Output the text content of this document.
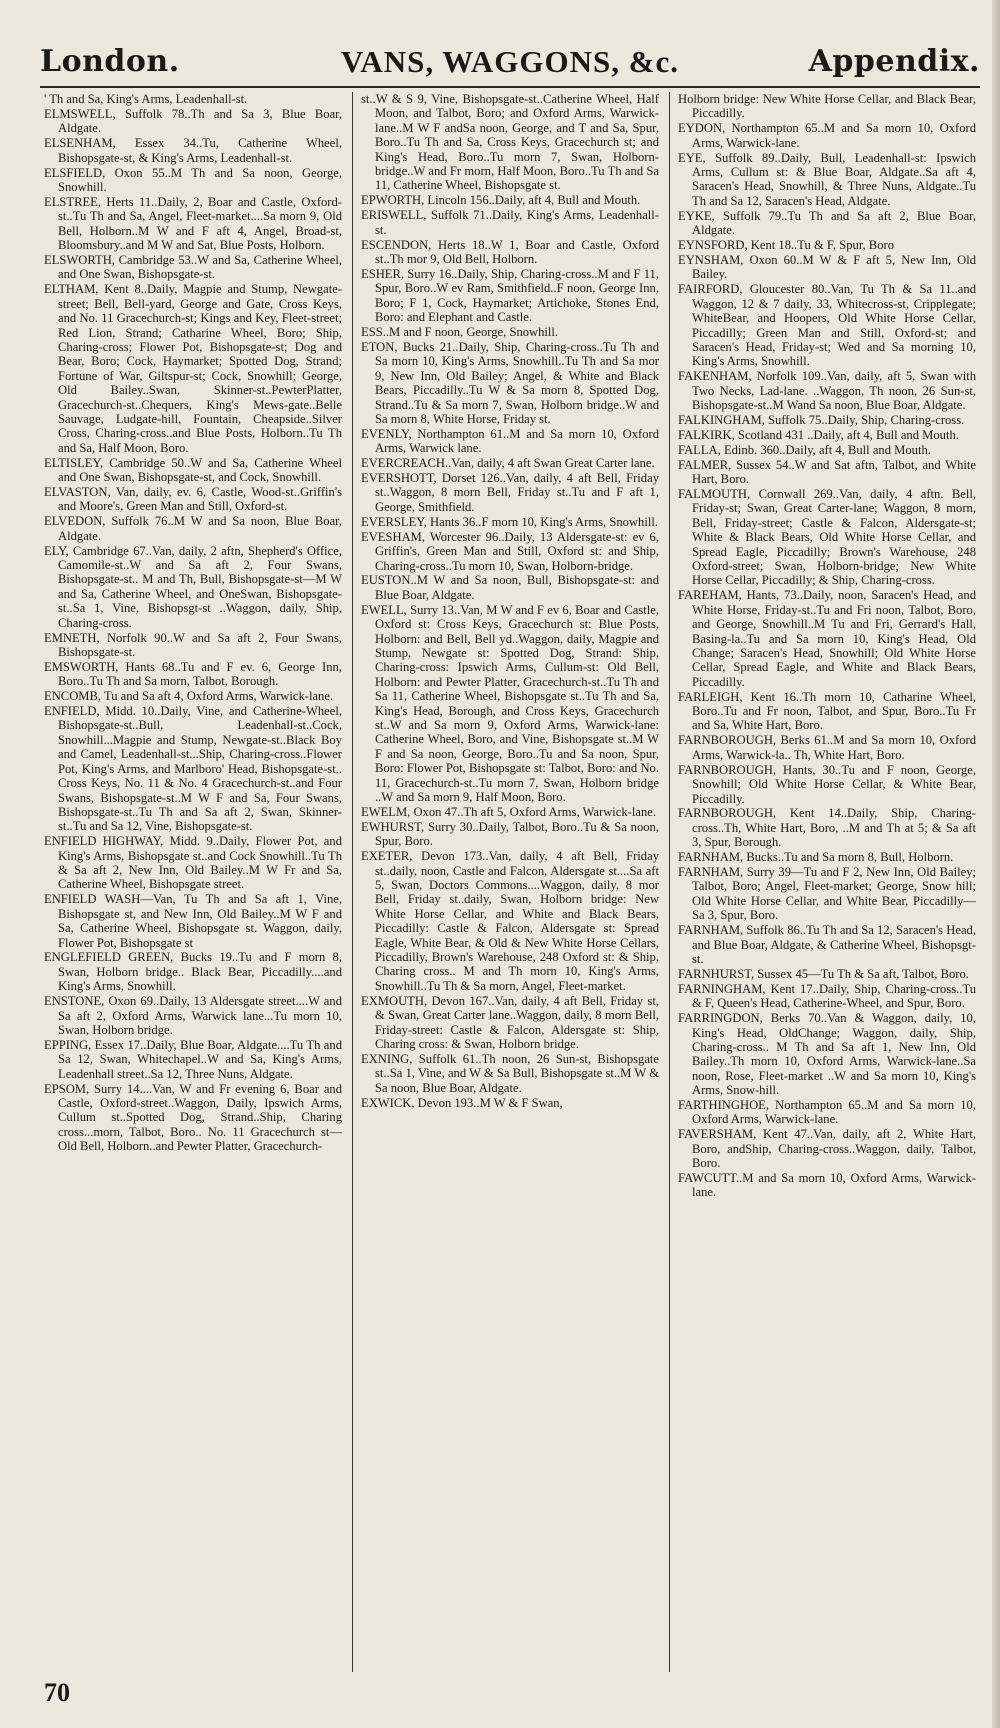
London.	VANS, WAGGONS, &c.	Appendix.

' Th and Sa, King's Arms, Leadenhall-st.

ELMSWELL, Suffolk 78..Th and Sa 3, Blue Boar, Aldgate.

ELSENHAM, Essex 34..Tu, Catherine Wheel, Bishopsgate-st, & King's Arms, Leadenhall-st.

ELSFIELD, Oxon 55..M Th and Sa noon, George, Snowhill.

ELSTREE, Herts 11..Daily, 2, Boar and Castle, Oxford-st..Tu Th and Sa, Angel, Fleet-market....Sa morn 9, Old Bell, Holborn..M W and F aft 4, Angel, Broad-st, Bloomsbury..and M W and Sat, Blue Posts, Holborn.

ELSWORTH, Cambridge 53..W and Sa, Catherine Wheel, and One Swan, Bishopsgate-st.

ELTHAM, Kent 8..Daily, Magpie and Stump, Newgate-street; Bell, Bell-yard, George and Gate, Cross Keys, and No. 11 Gracechurch-st; Kings and Key, Fleet-street; Red Lion, Strand; Catharine Wheel, Boro; Ship, Charing-cross; Flower Pot, Bishopsgate-st; Dog and Bear, Boro; Cock, Haymarket; Spotted Dog, Strand; Fortune of War, Giltspur-st; Cock, Snowhill; George, Old Bailey..Swan, Skinner-st..PewterPlatter, Gracechurch-st..Chequers, King's Mews-gate..Belle Sauvage, Ludgate-hill, Fountain, Cheapside..Silver Cross, Charing-cross..and Blue Posts, Holborn..Tu Th and Sa, Half Moon, Boro.

ELTISLEY, Cambridge 50..W and Sa, Catherine Wheel and One Swan, Bishopsgate-st, and Cock, Snowhill.

ELVASTON, Van, daily, ev. 6, Castle, Wood-st..Griffin's and Moore's, Green Man and Still, Oxford-st.

ELVEDON, Suffolk 76..M W and Sa noon, Blue Boar, Aldgate.

ELY, Cambridge 67..Van, daily, 2 aftn, Shepherd's Office, Camomile-st..W and Sa aft 2, Four Swans, Bishopsgate-st.. M and Th, Bull, Bishopsgate-st—M W and Sa, Catherine Wheel, and OneSwan, Bishopsgate-st..Sa 1, Vine, Bishopsgt-st ..Waggon, daily, Ship, Charing-cross.

EMNETH, Norfolk 90..W and Sa aft 2, Four Swans, Bishopsgate-st.

EMSWORTH, Hants 68..Tu and F ev. 6, George Inn, Boro..Tu Th and Sa morn, Talbot, Borough.

ENCOMB, Tu and Sa aft 4, Oxford Arms, Warwick-lane.

ENFIELD, Midd. 10..Daily, Vine, and Catherine-Wheel, Bishopsgate-st..Bull, Leadenhall-st..Cock, Snowhill...Magpie and Stump, Newgate-st..Black Boy and Camel, Leadenhall-st...Ship, Charing-cross..Flower Pot, King's Arms, and Marlboro' Head, Bishopsgate-st.. Cross Keys, No. 11 & No. 4 Gracechurch-st..and Four Swans, Bishopsgate-st..M W F and Sa, Four Swans, Bishopsgate-st..Tu Th and Sa aft 2, Swan, Skinner-st..Tu and Sa 12, Vine, Bishopsgate-st.

ENFIELD HIGHWAY, Midd. 9..Daily, Flower Pot, and King's Arms, Bishopsgate st..and Cock Snowhill..Tu Th & Sa aft 2, New Inn, Old Bailey..M W Fr and Sa, Catherine Wheel, Bishopsgate street.

ENFIELD WASH—Van, Tu Th and Sa aft 1, Vine, Bishopsgate st, and New Inn, Old Bailey..M W F and Sa, Catherine Wheel, Bishopsgate st. Waggon, daily, Flower Pot, Bishopsgate st

ENGLEFIELD GREEN, Bucks 19..Tu and F morn 8, Swan, Holborn bridge.. Black Bear, Piccadilly....and King's Arms, Snowhill.

ENSTONE, Oxon 69..Daily, 13 Aldersgate street....W and Sa aft 2, Oxford Arms, Warwick lane...Tu morn 10, Swan, Holborn bridge.

EPPING, Essex 17..Daily, Blue Boar, Aldgate....Tu Th and Sa 12, Swan, Whitechapel..W and Sa, King's Arms, Leadenhall street..Sa 12, Three Nuns, Aldgate.

EPSOM, Surry 14....Van, W and Fr evening 6, Boar and Castle, Oxford-street..Waggon, Daily, Ipswich Arms, Cullum st..Spotted Dog, Strand..Ship, Charing cross...morn, Talbot, Boro.. No. 11 Gracechurch st—Old Bell, Holborn..and Pewter Platter, Gracechurch-

st..W & S 9, Vine, Bishopsgate-st..Catherine Wheel, Half Moon, and Talbot, Boro; and Oxford Arms, Warwick-lane..M W F andSa noon, George, and T and Sa, Spur, Boro..Tu Th and Sa, Cross Keys, Gracechurch st; and King's Head, Boro..Tu morn 7, Swan, Holborn-bridge..W and Fr morn, Half Moon, Boro..Tu Th and Sa 11, Catherine Wheel, Bishopsgate st.

EPWORTH, Lincoln 156..Daily, aft 4, Bull and Mouth.

ERISWELL, Suffolk 71..Daily, King's Arms, Leadenhall-st.

ESCENDON, Herts 18..W 1, Boar and Castle, Oxford st..Th mor 9, Old Bell, Holborn.

ESHER, Surry 16..Daily, Ship, Charing-cross..M and F 11, Spur, Boro..W ev Ram, Smithfield..F noon, George Inn, Boro; F 1, Cock, Haymarket; Artichoke, Stones End, Boro: and Elephant and Castle.

ESS..M and F noon, George, Snowhill.

ETON, Bucks 21..Daily, Ship, Charing-cross..Tu Th and Sa morn 10, King's Arms, Snowhill..Tu Th and Sa mor 9, New Inn, Old Bailey; Angel, & White and Black Bears, Piccadilly..Tu W & Sa morn 8, Spotted Dog, Strand..Tu & Sa morn 7, Swan, Holborn bridge..W and Sa morn 8, White Horse, Friday st.

EVENLY, Northampton 61..M and Sa morn 10, Oxford Arms, Warwick lane.

EVERCREACH..Van, daily, 4 aft Swan Great Carter lane.

EVERSHOTT, Dorset 126..Van, daily, 4 aft Bell, Friday st..Waggon, 8 morn Bell, Friday st..Tu and F aft 1, George, Smithfield.

EVERSLEY, Hants 36..F morn 10, King's Arms, Snowhill.

EVESHAM, Worcester 96..Daily, 13 Aldersgate-st: ev 6, Griffin's, Green Man and Still, Oxford st: and Ship, Charing-cross..Tu morn 10, Swan, Holborn-bridge.

EUSTON..M W and Sa noon, Bull, Bishopsgate-st: and Blue Boar, Aldgate.

EWELL, Surry 13..Van, M W and F ev 6, Boar and Castle, Oxford st: Cross Keys, Gracechurch st: Blue Posts, Holborn: and Bell, Bell yd..Waggon, daily, Magpie and Stump, Newgate st: Spotted Dog, Strand: Ship, Charing-cross: Ipswich Arms, Cullum-st: Old Bell, Holborn: and Pewter Platter, Gracechurch-st..Tu Th and Sa 11, Catherine Wheel, Bishopsgate st..Tu Th and Sa, King's Head, Borough, and Cross Keys, Gracechurch st..W and Sa morn 9, Oxford Arms, Warwick-lane: Catherine Wheel, Boro, and Vine, Bishopsgate st..M W F and Sa noon, George, Boro..Tu and Sa noon, Spur, Boro: Flower Pot, Bishopsgate st: Talbot, Boro: and No. 11, Gracechurch-st..Tu morn 7, Swan, Holborn bridge ..W and Sa morn 9, Half Moon, Boro.

EWELM, Oxon 47..Th aft 5, Oxford Arms, Warwick-lane.

EWHURST, Surry 30..Daily, Talbot, Boro..Tu & Sa noon, Spur, Boro.

EXETER, Devon 173..Van, daily, 4 aft Bell, Friday st..daily, noon, Castle and Falcon, Aldersgate st....Sa aft 5, Swan, Doctors Commons....Waggon, daily, 8 mor Bell, Friday st..daily, Swan, Holborn bridge: New White Horse Cellar, and White and Black Bears, Piccadilly: Castle & Falcon, Aldersgate st: Spread Eagle, White Bear, & Old & New White Horse Cellars, Piccadilly, Brown's Warehouse, 248 Oxford st: & Ship, Charing cross.. M and Th morn 10, King's Arms, Snowhill..Tu Th & Sa morn, Angel, Fleet-market.

EXMOUTH, Devon 167..Van, daily, 4 aft Bell, Friday st, & Swan, Great Carter lane..Waggon, daily, 8 morn Bell, Friday-street: Castle & Falcon, Aldersgate st: Ship, Charing cross: & Swan, Holborn bridge.

EXNING, Suffolk 61..Th noon, 26 Sun-st, Bishopsgate st..Sa 1, Vine, and W & Sa Bull, Bishopsgate st..M W & Sa noon, Blue Boar, Aldgate.

EXWICK, Devon 193..M W & F Swan,

Holborn bridge: New White Horse Cellar, and Black Bear, Piccadilly.

EYDON, Northampton 65..M and Sa morn 10, Oxford Arms, Warwick-lane.

EYE, Suffolk 89..Daily, Bull, Leadenhall-st: Ipswich Arms, Cullum st: & Blue Boar, Aldgate..Sa aft 4, Saracen's Head, Snowhill, & Three Nuns, Aldgate..Tu Th and Sa 12, Saracen's Head, Aldgate.

EYKE, Suffolk 79..Tu Th and Sa aft 2, Blue Boar, Aldgate.

EYNSFORD, Kent 18..Tu & F, Spur, Boro

EYNSHAM, Oxon 60..M W & F aft 5, New Inn, Old Bailey.

FAIRFORD, Gloucester 80..Van, Tu Th & Sa 11..and Waggon, 12 & 7 daily, 33, Whitecross-st, Cripplegate; WhiteBear, and Hoopers, Old White Horse Cellar, Piccadilly; Green Man and Still, Oxford-st; and Saracen's Head, Friday-st; Wed and Sa morning 10, King's Arms, Snowhill.

FAKENHAM, Norfolk 109..Van, daily, aft 5, Swan with Two Necks, Lad-lane. ..Waggon, Th noon, 26 Sun-st, Bishopsgate-st..M Wand Sa noon, Blue Boar, Aldgate.

FALKINGHAM, Suffolk 75..Daily, Ship, Charing-cross.

FALKIRK, Scotland 431 ..Daily, aft 4, Bull and Mouth.

FALLA, Edinb. 360..Daily, aft 4, Bull and Mouth.

FALMER, Sussex 54..W and Sat aftn, Talbot, and White Hart, Boro.

FALMOUTH, Cornwall 269..Van, daily, 4 aftn. Bell, Friday-st; Swan, Great Carter-lane; Waggon, 8 morn, Bell, Friday-street; Castle & Falcon, Aldersgate-st; White & Black Bears, Old White Horse Cellar, and Spread Eagle, Piccadilly; Brown's Warehouse, 248 Oxford-street; Swan, Holborn-bridge; New White Horse Cellar, Piccadilly; & Ship, Charing-cross.

FAREHAM, Hants, 73..Daily, noon, Saracen's Head, and White Horse, Friday-st..Tu and Fri noon, Talbot, Boro, and George, Snowhill..M Tu and Fri, Gerrard's Hall, Basing-la..Tu and Sa morn 10, King's Head, Old Change; Saracen's Head, Snowhill; Old White Horse Cellar, Spread Eagle, and White and Black Bears, Piccadilly.

FARLEIGH, Kent 16..Th morn 10, Catharine Wheel, Boro..Tu and Fr noon, Talbot, and Spur, Boro..Tu Fr and Sa, White Hart, Boro.

FARNBOROUGH, Berks 61..M and Sa morn 10, Oxford Arms, Warwick-la.. Th, White Hart, Boro.

FARNBOROUGH, Hants, 30..Tu and F noon, George, Snowhill; Old White Horse Cellar, & White Bear, Piccadilly.

FARNBOROUGH, Kent 14..Daily, Ship, Charing-cross..Th, White Hart, Boro, ..M and Th at 5; & Sa aft 3, Spur, Borough.

FARNHAM, Bucks..Tu and Sa morn 8, Bull, Holborn.

FARNHAM, Surry 39—Tu and F 2, New Inn, Old Bailey; Talbot, Boro; Angel, Fleet-market; George, Snow hill; Old White Horse Cellar, and White Bear, Piccadilly—Sa 3, Spur, Boro.

FARNHAM, Suffolk 86..Tu Th and Sa 12, Saracen's Head, and Blue Boar, Aldgate, & Catherine Wheel, Bishopsgt-st.

FARNHURST, Sussex 45—Tu Th & Sa aft, Talbot, Boro.

FARNINGHAM, Kent 17..Daily, Ship, Charing-cross..Tu & F, Queen's Head, Catherine-Wheel, and Spur, Boro.

FARRINGDON, Berks 70..Van & Waggon, daily, 10, King's Head, OldChange; Waggon, daily, Ship, Charing-cross.. M Th and Sa aft 1, New Inn, Old Bailey..Th morn 10, Oxford Arms, Warwick-lane..Sa noon, Rose, Fleet-market ..W and Sa morn 10, King's Arms, Snow-hill.

FARTHINGHOE, Northampton 65..M and Sa morn 10, Oxford Arms, Warwick-lane.

FAVERSHAM, Kent 47..Van, daily, aft 2, White Hart, Boro, andShip, Charing-cross..Waggon, daily, Talbot, Boro.

FAWCUTT..M and Sa morn 10, Oxford Arms, Warwick-lane.

70
